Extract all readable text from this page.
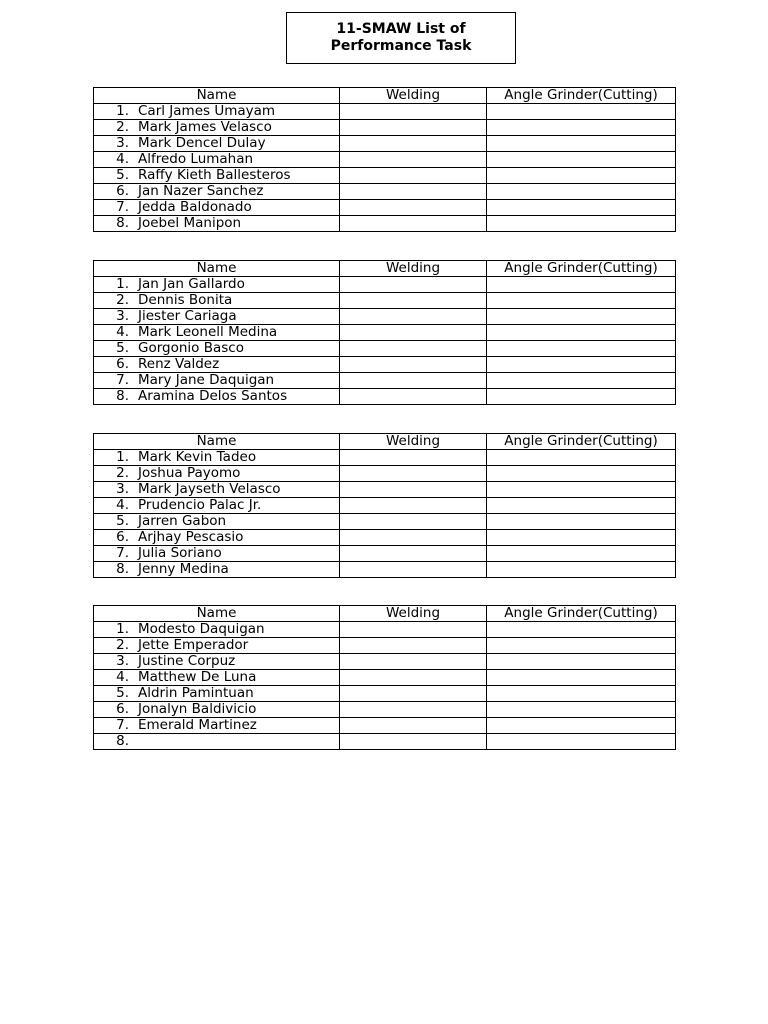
11-SMAW List of
Performance Task
Name	Welding	Angle Grinder(Cutting)
1. Carl James Umayam		
2. Mark James Velasco		
3. Mark Dencel Dulay		
4. Alfredo Lumahan		
5. Raffy Kieth Ballesteros		
6. Jan Nazer Sanchez		
7. Jedda Baldonado		
8. Joebel Manipon		
Name	Welding	Angle Grinder(Cutting)
1. Jan Jan Gallardo		
2. Dennis Bonita		
3. Jiester Cariaga		
4. Mark Leonell Medina		
5. Gorgonio Basco		
6. Renz Valdez		
7. Mary Jane Daquigan		
8. Aramina Delos Santos		
Name	Welding	Angle Grinder(Cutting)
1. Mark Kevin Tadeo		
2. Joshua Payomo		
3. Mark Jayseth Velasco		
4. Prudencio Palac Jr.		
5. Jarren Gabon		
6. Arjhay Pescasio		
7. Julia Soriano		
8. Jenny Medina		
Name	Welding	Angle Grinder(Cutting)
1. Modesto Daquigan		
2. Jette Emperador		
3. Justine Corpuz		
4. Matthew De Luna		
5. Aldrin Pamintuan		
6. Jonalyn Baldivicio		
7. Emerald Martinez		
8.		
